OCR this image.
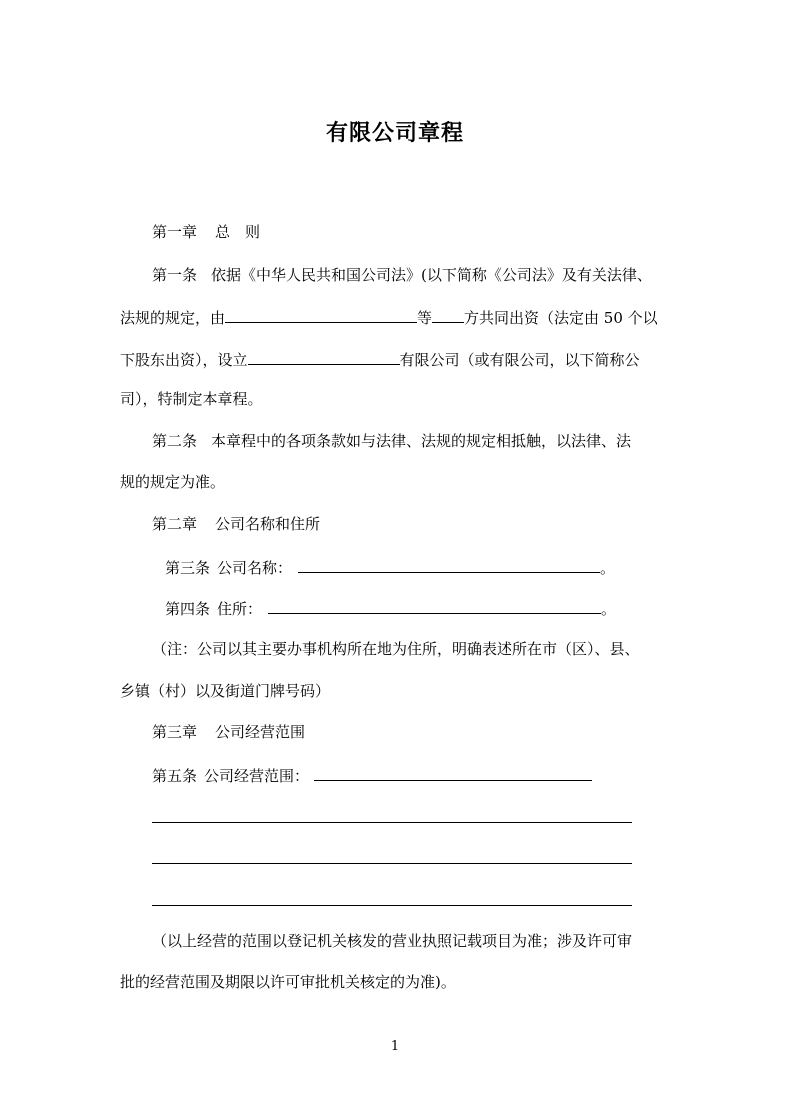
有限公司章程
第一章 总　则
第一条 依据《中华人民共和国公司法》(以下简称《公司法》及有关法律、
法规的规定，由	等 方共同出资（法定由 50 个以
下股东出资），设立	有限公司（或有限公司，以下简称公
司），特制定本章程。
第二条 本章程中的各项条款如与法律、法规的规定相抵触，以法律、法
规的规定为准。
第二章 公司名称和住所
第三条 公司名称：	。
第四条 住所：	。
（注：公司以其主要办事机构所在地为住所，明确表述所在市（区）、县、
乡镇（村）以及街道门牌号码）
第三章 公司经营范围
第五条 公司经营范围：
（以上经营的范围以登记机关核发的营业执照记载项目为准；涉及许可审
批的经营范围及期限以许可审批机关核定的为准)。
1
